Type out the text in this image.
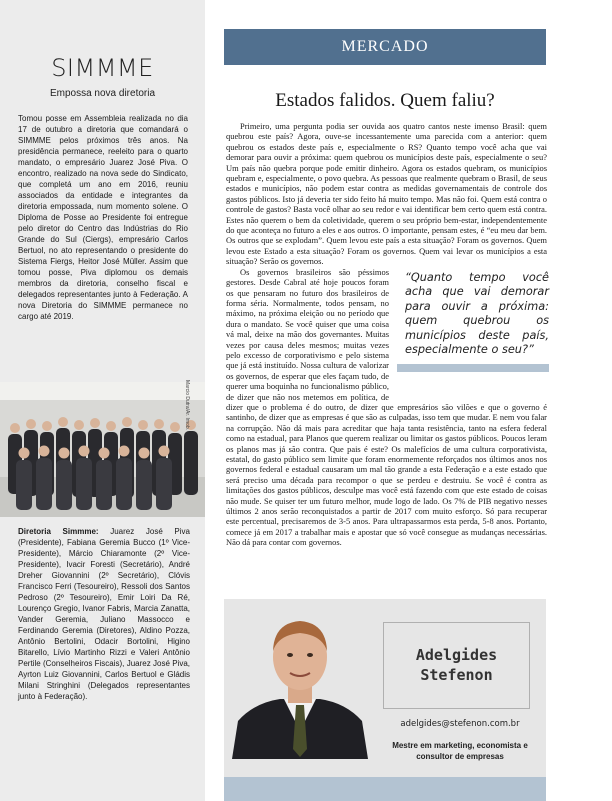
SIMMME
Empossa nova diretoria
Tomou posse em Assembleia realizada no dia 17 de outubro a diretoria que comandará o SIMMME pelos próximos três anos. Na presidência permanece, reeleito para o quarto mandato, o empresário Juarez José Piva. O encontro, realizado na nova sede do Sindicato, que completá um ano em 2016, reuniu associados da entidade e integrantes da diretoria empossada, num momento solene. O Diploma de Posse ao Presidente foi entregue pelo diretor do Centro das Indústrias do Rio Grande do Sul (Ciergs), empresário Carlos Bertuol, no ato representando o presidente do Sistema Fiergs, Heitor José Müller. Assim que tomou posse, Piva diplomou os demais membros da diretoria, conselho fiscal e delegados representantes junto à Federação. A nova Diretoria do SIMMME permanece no cargo até 2019.
Marcio Dutra/Ar. Imob.
Diretoria Simmme: Juarez José Piva (Presidente), Fabiana Geremia Bucco (1º Vice-Presidente), Márcio Chiaramonte (2º Vice-Presidente), Ivacir Foresti (Secretário), André Dreher Giovannini (2º Secretário), Clóvis Francisco Ferri (Tesoureiro), Ressoli dos Santos Pedroso (2º Tesoureiro), Emir Loiri Da Ré, Lourenço Gregio, Ivanor Fabris, Marcia Zanatta, Vander Geremia, Juliano Massocco e Ferdinando Geremia (Diretores), Aldino Pozza, Antônio Bertolini, Odacir Bortolini, Higino Bitarello, Lívio Martinho Rizzi e Valeri Antônio Pertile (Conselheiros Fiscais), Juarez José Piva, Ayrton Luiz Giovannini, Carlos Bertuol e Gládis Milani Stringhini (Delegados representantes junto à Federação).
MERCADO
Estados falidos. Quem faliu?

Primeiro, uma pergunta podia ser ouvida aos quatro cantos neste imenso Brasil: quem quebrou este país? Agora, ouve-se incessantemente uma parecida com a anterior: quem quebrou os estados deste país e, especialmente o RS? Quanto tempo você acha que vai demorar para ouvir a próxima: quem quebrou os municípios deste país, especialmente o seu? Um país não quebra porque pode emitir dinheiro. Agora os estados quebram, os municípios quebram e, especialmente, o povo quebra. As pessoas que realmente quebram o Brasil, de seus estados e municípios, não podem estar contra as medidas governamentais de controle dos gastos públicos. Isto já deveria ter sido feito há muito tempo. Mas não foi. Quem está contra o controle de gastos? Basta você olhar ao seu redor e vai identificar bem certo quem está contra. Estes não querem o bem da coletividade, querem o seu próprio bem-estar, independentemente do que aconteça no futuro a eles e aos outros. O importante, pensam estes, é “eu meu dar bem. Os outros que se explodam”. Quem levou este país a esta situação? Foram os governos. Quem levou este Estado a esta situação? Foram os governos. Quem vai levar os municípios a esta situação? Serão os governos.

“Quanto tempo você acha que vai demorar para ouvir a próxima: quem quebrou os municípios deste país, especialmente o seu?”

Os governos brasileiros são péssimos gestores. Desde Cabral até hoje poucos foram os que pensaram no futuro dos brasileiros de forma séria. Normalmente, todos pensam, no máximo, na próxima eleição ou no período que dura o mandato. Se você quiser que uma coisa vá mal, deixe na mão dos governantes. Muitas vezes por causa deles mesmos; muitas vezes pelo excesso de corporativismo e pelo sistema que já está instituído. Nossa cultura de valorizar os governos, de esperar que eles façam tudo, de querer uma boquinha no funcionalismo público, de dizer que não nos metemos em política, de dizer que o problema é do outro, de dizer que empresários são vilões e que o governo é santinho, de dizer que as empresas é que são as culpadas, isso tem que mudar. E nem vou falar na corrupção. Não dá mais para acreditar que haja tanta resistência, tanto na esfera federal como na estadual, para Planos que querem realizar ou limitar os gastos públicos. Poucos leram os planos mas já são contra. Que pais é este? Os malefícios de uma cultura corporativista, estatal, do gasto público sem limite que foram enormemente reforçados nos últimos anos nos governos federal e estadual causaram um mal tão grande a esta Federação e a este estado que será preciso uma década para recompor o que se perdeu e destruiu. Se você é contra as limitações dos gastos públicos, desculpe mas você está fazendo com que este estado de coisas não mude. Se quiser ter um futuro melhor, mude logo de lado. Os 7% de PIB negativo nesses últimos 2 anos serão reconquistados a partir de 2017 com muito esforço. Só para recuperar este percentual, precisaremos de 3-5 anos. Para ultrapassarmos esta perda, 5-8 anos. Portanto, comece já em 2017 a trabalhar mais e apostar que só você consegue as mudanças necessárias. Não dá para contar com governos.

Adelgides
Stefenon
adelgides@stefenon.com.br
Mestre em marketing, economista e consultor de empresas
